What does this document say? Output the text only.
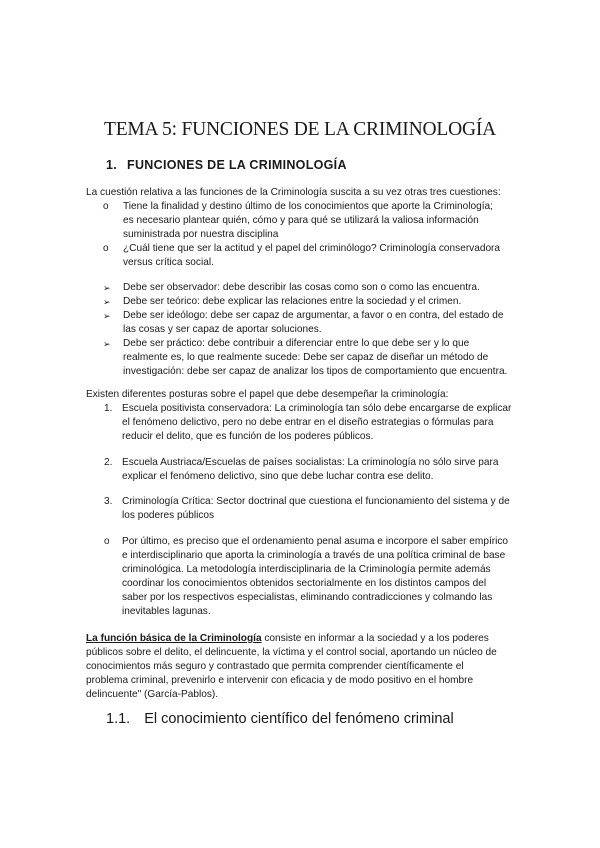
TEMA 5: FUNCIONES DE LA CRIMINOLOGÍA
1. FUNCIONES DE LA CRIMINOLOGÍA
La cuestión relativa a las funciones de la Criminología suscita a su vez otras tres cuestiones:
o Tiene la finalidad y destino último de los conocimientos que aporte la Criminología;
es necesario plantear quién, cómo y para qué se utilizará la valiosa información
suministrada por nuestra disciplina
o ¿Cuál tiene que ser la actitud y el papel del criminólogo? Criminología conservadora
versus crítica social.
➢ Debe ser observador: debe describir las cosas como son o como las encuentra.
➢ Debe ser teórico: debe explicar las relaciones entre la sociedad y el crimen.
➢ Debe ser ideólogo: debe ser capaz de argumentar, a favor o en contra, del estado de
las cosas y ser capaz de aportar soluciones.
➢ Debe ser práctico: debe contribuir a diferenciar entre lo que debe ser y lo que
realmente es, lo que realmente sucede: Debe ser capaz de diseñar un método de
investigación: debe ser capaz de analizar los tipos de comportamiento que encuentra.
Existen diferentes posturas sobre el papel que debe desempeñar la criminología:
1. Escuela positivista conservadora: La criminología tan sólo debe encargarse de explicar
el fenómeno delictivo, pero no debe entrar en el diseño estrategias o fórmulas para
reducir el delito, que es función de los poderes públicos.
2. Escuela Austriaca/Escuelas de países socialistas: La criminología no sólo sirve para
explicar el fenómeno delictivo, sino que debe luchar contra ese delito.
3. Criminología Crítica: Sector doctrinal que cuestiona el funcionamiento del sistema y de
los poderes públicos
o Por último, es preciso que el ordenamiento penal asuma e incorpore el saber empírico
e interdisciplinario que aporta la criminología a través de una política criminal de base
criminológica. La metodología interdisciplinaria de la Criminología permite además
coordinar los conocimientos obtenidos sectorialmente en los distintos campos del
saber por los respectivos especialistas, eliminando contradicciones y colmando las
inevitables lagunas.
La función básica de la Criminología consiste en informar a la sociedad y a los poderes
públicos sobre el delito, el delincuente, la víctima y el control social, aportando un núcleo de
conocimientos más seguro y contrastado que permita comprender científicamente el
problema criminal, prevenirlo e intervenir con eficacia y de modo positivo en el hombre
delincuente" (García-Pablos).
1.1. El conocimiento científico del fenómeno criminal
